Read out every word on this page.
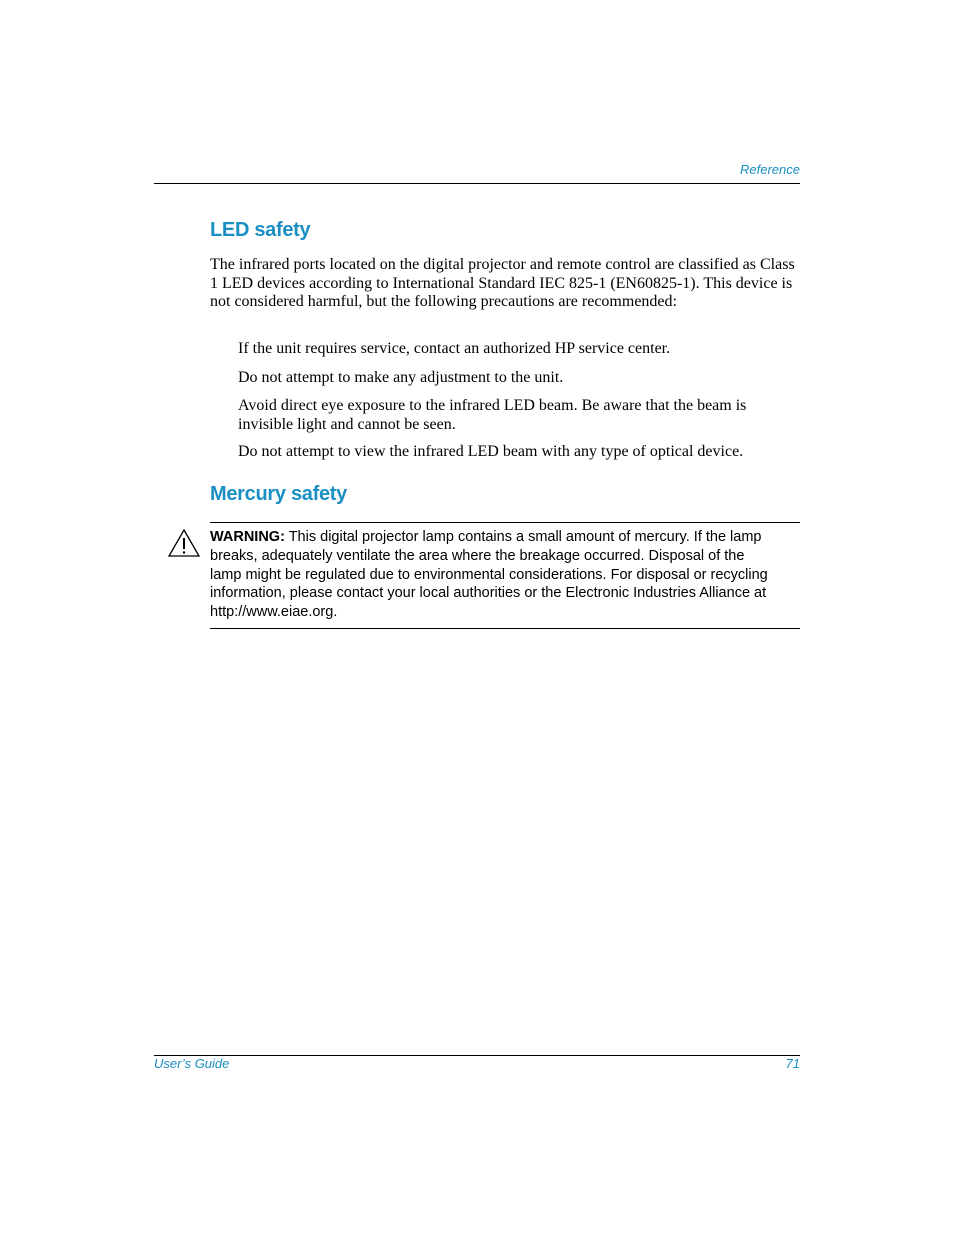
Reference
LED safety
The infrared ports located on the digital projector and remote control are classified as Class 1 LED devices according to International Standard IEC 825-1 (EN60825-1). This device is not considered harmful, but the following precautions are recommended:
If the unit requires service, contact an authorized HP service center.
Do not attempt to make any adjustment to the unit.
Avoid direct eye exposure to the infrared LED beam. Be aware that the beam is invisible light and cannot be seen.
Do not attempt to view the infrared LED beam with any type of optical device.
Mercury safety
WARNING: This digital projector lamp contains a small amount of mercury. If the lamp breaks, adequately ventilate the area where the breakage occurred. Disposal of the lamp might be regulated due to environmental considerations. For disposal or recycling information, please contact your local authorities or the Electronic Industries Alliance at http://www.eiae.org.
User’s Guide	71
